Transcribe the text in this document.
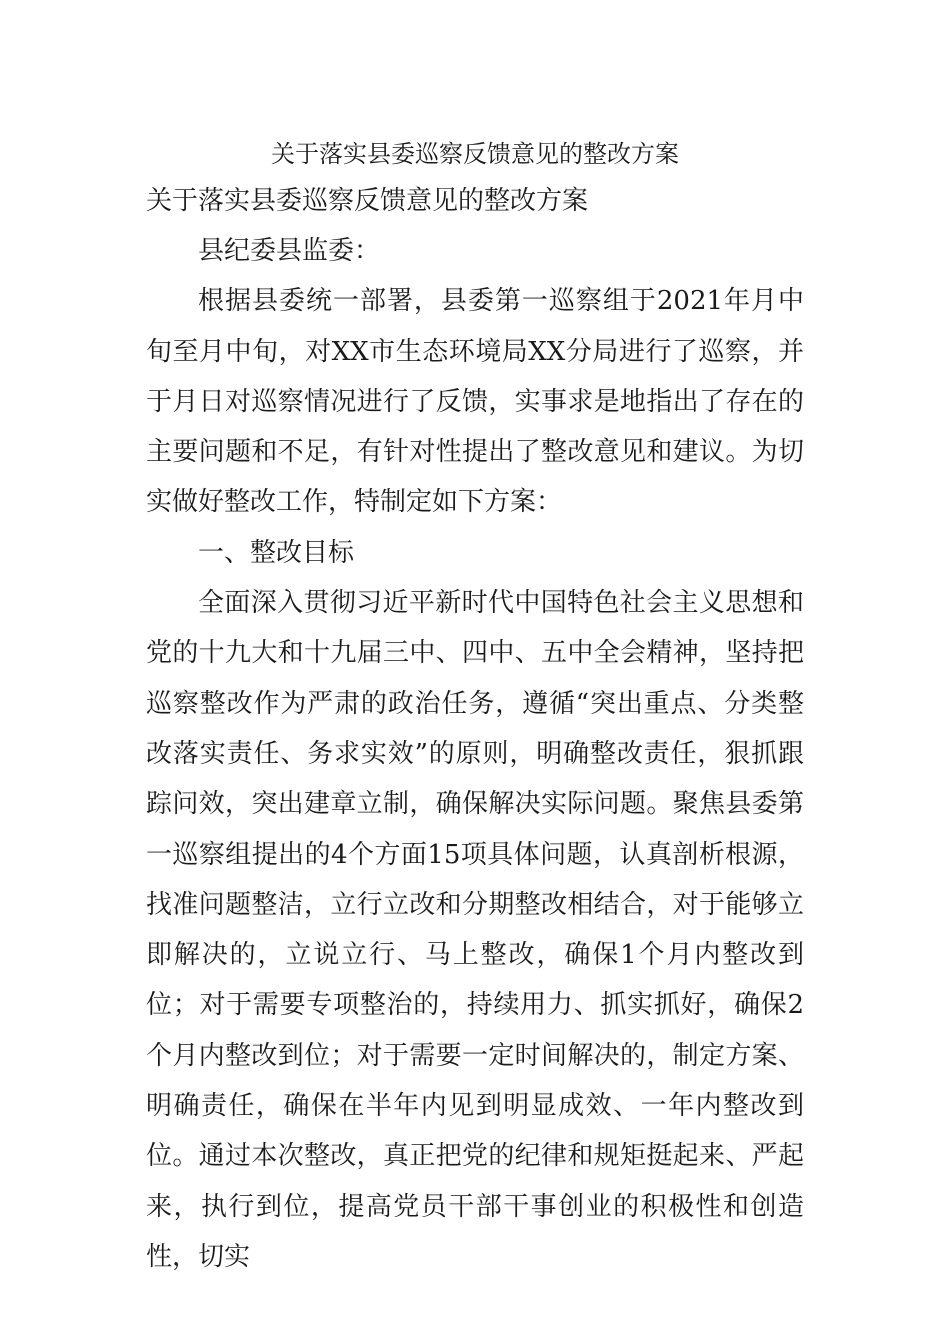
关于落实县委巡察反馈意见的整改方案
关于落实县委巡察反馈意见的整改方案

县纪委县监委：

根据县委统一部署，县委第一巡察组于2021年月中旬至月中旬，对XX市生态环境局XX分局进行了巡察，并于月日对巡察情况进行了反馈，实事求是地指出了存在的主要问题和不足，有针对性提出了整改意见和建议。为切实做好整改工作，特制定如下方案：

一、整改目标

全面深入贯彻习近平新时代中国特色社会主义思想和党的十九大和十九届三中、四中、五中全会精神，坚持把巡察整改作为严肃的政治任务，遵循“突出重点、分类整改落实责任、务求实效”的原则，明确整改责任，狠抓跟踪问效，突出建章立制，确保解决实际问题。聚焦县委第一巡察组提出的4个方面15项具体问题，认真剖析根源，找准问题整洁，立行立改和分期整改相结合，对于能够立即解决的，立说立行、马上整改，确保1个月内整改到位；对于需要专项整治的，持续用力、抓实抓好，确保2个月内整改到位；对于需要一定时间解决的，制定方案、明确责任，确保在半年内见到明显成效、一年内整改到位。通过本次整改，真正把党的纪律和规矩挺起来、严起来，执行到位，提高党员干部干事创业的积极性和创造性，切实
